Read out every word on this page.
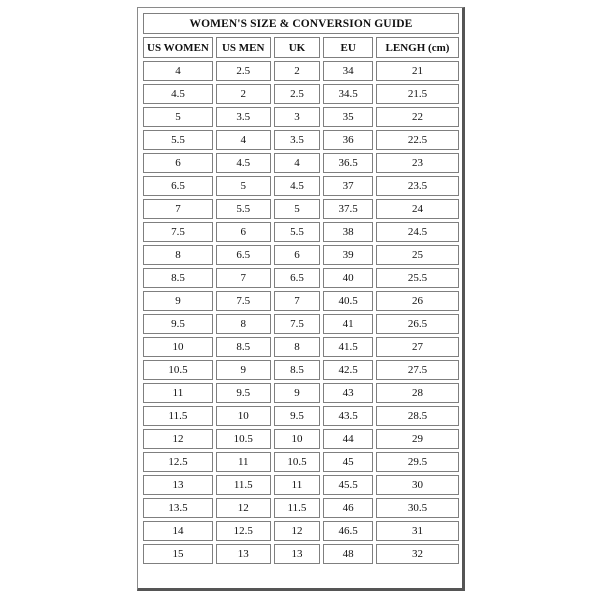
WOMEN'S SIZE & CONVERSION GUIDE				
US WOMEN	US MEN	UK	EU	LENGH (cm)
4	2.5	2	34	21
4.5	2	2.5	34.5	21.5
5	3.5	3	35	22
5.5	4	3.5	36	22.5
6	4.5	4	36.5	23
6.5	5	4.5	37	23.5
7	5.5	5	37.5	24
7.5	6	5.5	38	24.5
8	6.5	6	39	25
8.5	7	6.5	40	25.5
9	7.5	7	40.5	26
9.5	8	7.5	41	26.5
10	8.5	8	41.5	27
10.5	9	8.5	42.5	27.5
11	9.5	9	43	28
11.5	10	9.5	43.5	28.5
12	10.5	10	44	29
12.5	11	10.5	45	29.5
13	11.5	11	45.5	30
13.5	12	11.5	46	30.5
14	12.5	12	46.5	31
15	13	13	48	32
